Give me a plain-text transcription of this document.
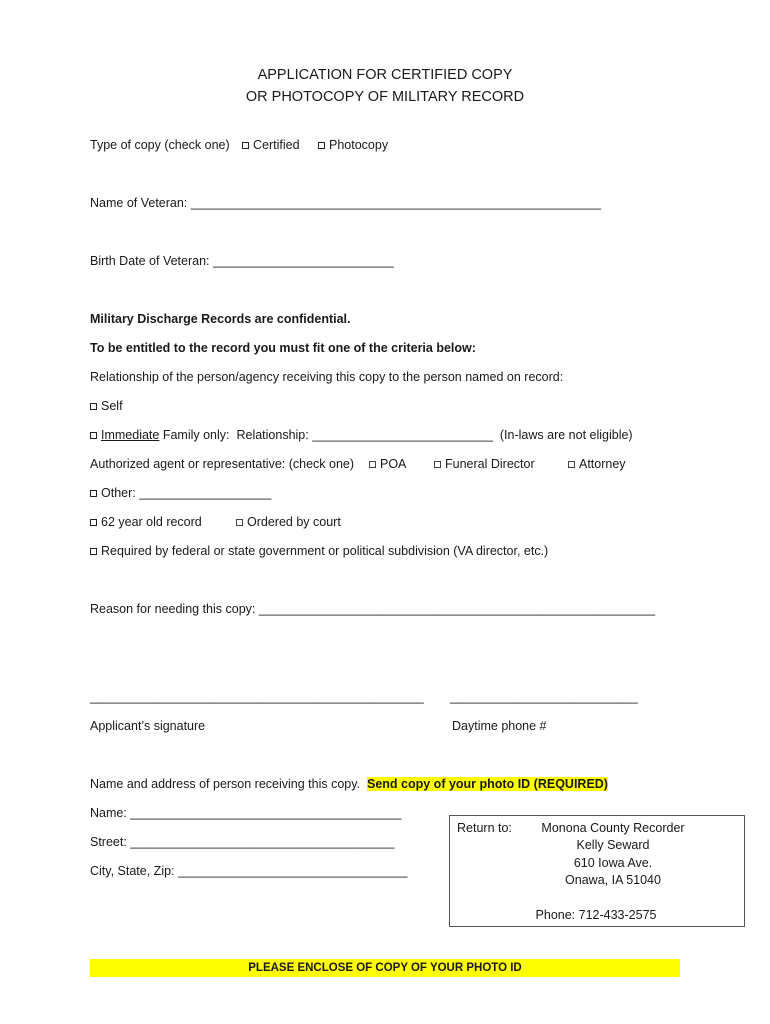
APPLICATION FOR CERTIFIED COPY
OR PHOTOCOPY OF MILITARY RECORD
Type of copy (check one)	Certified	Photocopy
Name of Veteran: ___________________________________________________________
Birth Date of Veteran: __________________________
Military Discharge Records are confidential.
To be entitled to the record you must fit one of the criteria below:
Relationship of the person/agency receiving this copy to the person named on record:
Self
Immediate Family only:  Relationship: __________________________  (In-laws are not eligible)
Authorized agent or representative: (check one)	POA	Funeral Director	Attorney
Other: ___________________
62 year old record	Ordered by court
Required by federal or state government or political subdivision (VA director, etc.)
Reason for needing this copy: _________________________________________________________
________________________________________________ ___________________________
Applicant’s signature	Daytime phone #
Name and address of person receiving this copy.  Send copy of your photo ID (REQUIRED)
Name: _______________________________________
Street: ______________________________________
City, State, Zip: _________________________________
Return to:	Monona County Recorder
Kelly Seward
610 Iowa Ave.
Onawa, IA 51040
Phone: 712-433-2575
PLEASE ENCLOSE OF COPY OF YOUR PHOTO ID
